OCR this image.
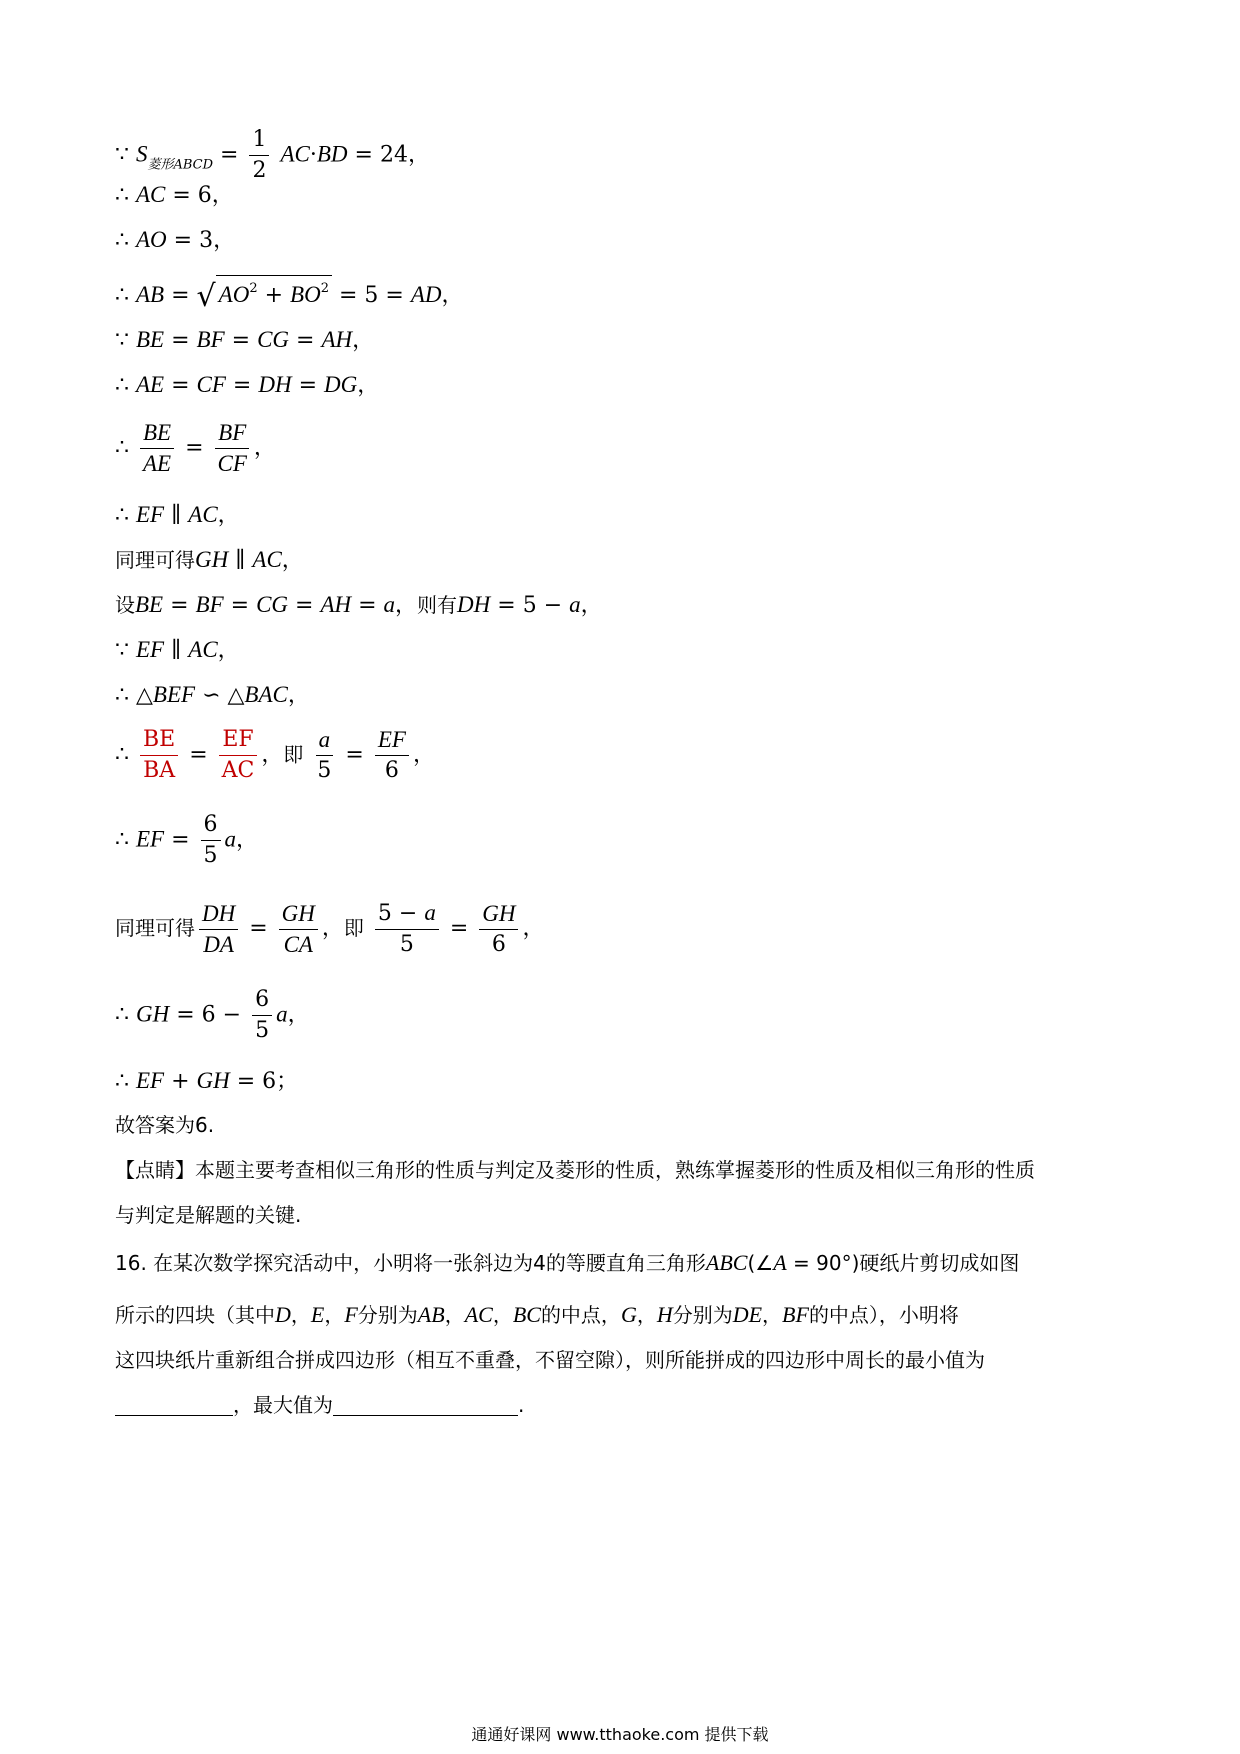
∵ $S_{菱形ABCD} = \frac{1}{2} AC\cdot BD = 24$，
∴ AC = 6，
∴ AO = 3，
∴ AB = √ $AO^2 + BO^2 = 5$ = AD，
∵ BE = BF = CG = AH，
∴ AE = CF = DH = DG，
∴ $\frac{BE}{AE} = \frac{BF}{CF}$ ，
∴ EF ∥ AC，
同理可得GH ∥ AC，
设BE = BF = CG = AH = a，则有DH = 5 − a，
∵ EF ∥ AC，
∴ △BEF ∽ △BAC，
∴ $\frac{BE}{BA} = \frac{EF}{AC}$ ，即 $\frac{a}{5} = \frac{EF}{6}$ ，
∴ EF = $\frac{6}{5}$ a，
同理可得 $\frac{DH}{DA} = \frac{GH}{CA}$ ，即 $\frac{5 - a}{5} = \frac{GH}{6}$ ，
∴ GH = $6 - \frac{6}{5}$ a，
∴ EF + GH = 6；
故答案为6.
【点睛】本题主要考查相似三角形的性质与判定及菱形的性质，熟练掌握菱形的性质及相似三角形的性质
与判定是解题的关键.
16. 在某次数学探究活动中，小明将一张斜边为4的等腰直角三角形ABC(∠A = 90°)硬纸片剪切成如图
所示的四块（其中D，E，F分别为AB，AC，BC的中点，G，H分别为DE，BF的中点），小明将
这四块纸片重新组合拼成四边形（相互不重叠，不留空隙），则所能拼成的四边形中周长的最小值为
，最大值为	.
通通好课网 www.tthaoke.com 提供下载
